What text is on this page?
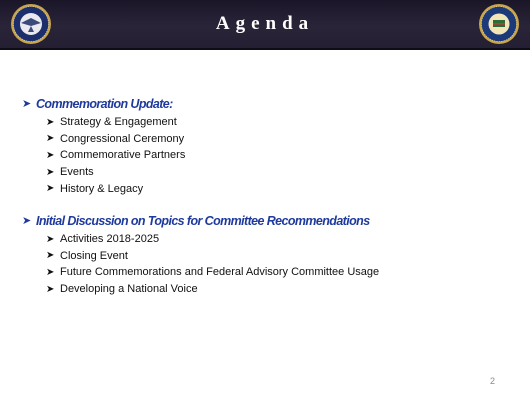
Agenda
➤ Commemoration Update:
➤ Strategy & Engagement
➤ Congressional Ceremony
➤ Commemorative Partners
➤ Events
➤ History & Legacy
➤ Initial Discussion on Topics for Committee Recommendations
➤ Activities 2018-2025
➤ Closing Event
➤ Future Commemorations and Federal Advisory Committee Usage
➤ Developing a National Voice
2
